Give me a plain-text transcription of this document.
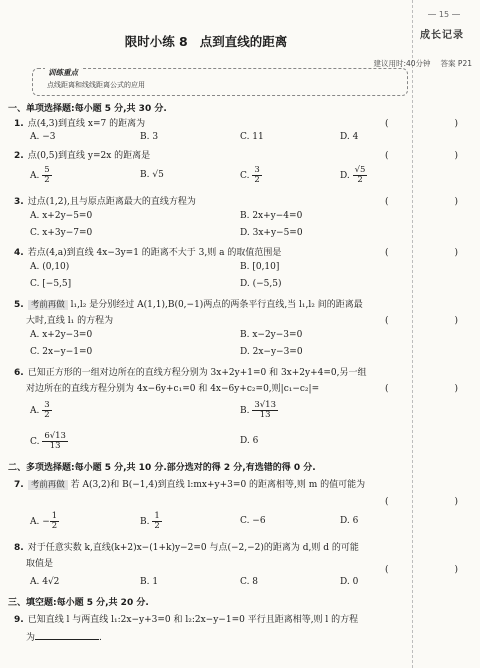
15
成长记录
限时小练 8 点到直线的距离
建议用时:40分钟 答案 P21
训练重点
点线距离和线线距离公式的应用
一、单项选择题:每小题 5 分,共 30 分.
1. 点(4,3)到直线 x=7 的距离为	(　　)
A. −3	B. 3	C. 11	D. 4
2. 点(0,5)到直线 y=2x 的距离是	(　　)
A. $\frac{5}{2}$	B. √5	C. $\frac{3}{2}$	D. $\frac{√5}{2}$
3. 过点(1,2),且与原点距离最大的直线方程为	(　　)
A. x+2y−5=0	B. 2x+y−4=0
C. x+3y−7=0	D. 3x+y−5=0
4. 若点(4,a)到直线 4x−3y=1 的距离不大于 3,则 a 的取值范围是	(　　)
A. (0,10)	B. [0,10]
C. [−5,5]	D. (−5,5)
5. 考前再做 l₁,l₂ 是分别经过 A(1,1),B(0,−1)两点的两条平行直线,当 l₁,l₂ 间的距离最
大时,直线 l₁ 的方程为	(　　)
A. x+2y−3=0	B. x−2y−3=0
C. 2x−y−1=0	D. 2x−y−3=0
6. 已知正方形的一组对边所在的直线方程分别为 3x+2y+1=0 和 3x+2y+4=0,另一组
对边所在的直线方程分别为 4x−6y+c₁=0 和 4x−6y+c₂=0,则|c₁−c₂|=	(　　)
A. $\frac{3}{2}$	B. $\frac{3√13}{13}$
C. $\frac{6√13}{13}$	D. 6
二、多项选择题:每小题 5 分,共 10 分.部分选对的得 2 分,有选错的得 0 分.
7. 考前再做 若 A(3,2)和 B(−1,4)到直线 l:mx+y+3=0 的距离相等,则 m 的值可能为
(　　)
A. − $\frac{1}{2}$	B. $\frac{1}{2}$	C. −6	D. 6
8. 对于任意实数 k,直线(k+2)x−(1+k)y−2=0 与点(−2,−2)的距离为 d,则 d 的可能
取值是
(　　)
A. 4√2	B. 1	C. 8	D. 0
三、填空题:每小题 5 分,共 20 分.
9. 已知直线 l 与两直线 l₁:2x−y+3=0 和 l₂:2x−y−1=0 平行且距离相等,则 l 的方程
为	.
